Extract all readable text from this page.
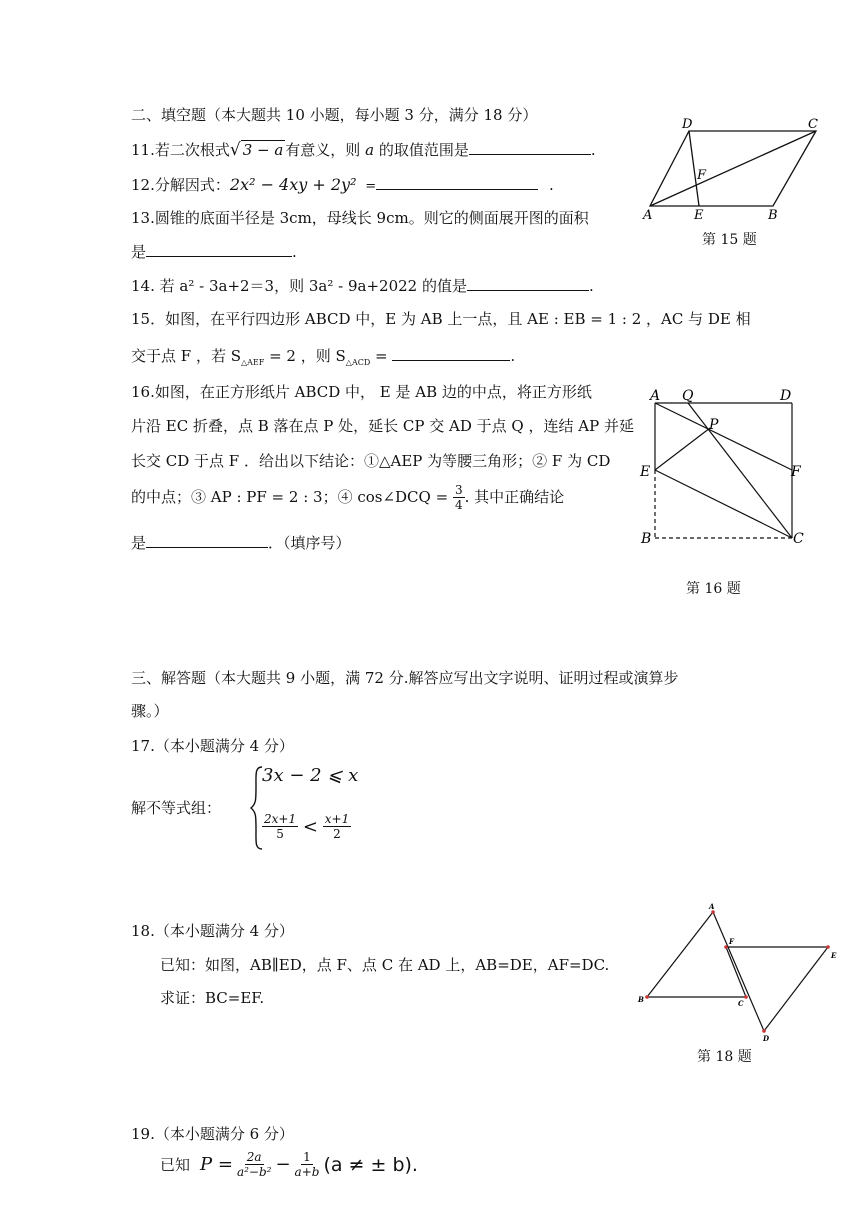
二、填空题（本大题共 10 小题，每小题 3 分，满分 18 分）
11.若二次根式√ 3 − a 有意义，则 a 的取值范围是	.
12.分解因式：2x² − 4xy + 2y² =	.
13.圆锥的底面半径是 3cm，母线长 9cm。则它的侧面展开图的面积
是	.
14. 若 a² - 3a+2＝3，则 3a² - 9a+2022 的值是	.
15．如图，在平行四边形 ABCD 中，E 为 AB 上一点，且 AE : EB = 1 : 2 ，AC 与 DE 相
交于点 F ，若 $S_{\triangle AEF} = 2$ ，则 $S_{\triangle ACD}$ =	.
16.如图，在正方形纸片 ABCD 中， E 是 AB 边的中点，将正方形纸
片沿 EC 折叠，点 B 落在点 P 处，延长 CP 交 AD 于点 Q ，连结 AP 并延
长交 CD 于点 F ．给出以下结论：①△AEP 为等腰三角形；② F 为 CD
的中点；③ AP : PF = 2 : 3；④ cos∠DCQ = $\frac{3}{4}$ . 其中正确结论
是	．（填序号）
A	E	B
C
D
F
第 15 题
A Q	D
P
E	F
B	C
第 16 题
三、解答题（本大题共 9 小题，满 72 分.解答应写出文字说明、证明过程或演算步
骤。）
17.（本小题满分 4 分）
解不等式组：
3x − 2 ⩽ x
$\frac{2x+1}{5} < \frac{x+1}{2}$
18.（本小题满分 4 分）
已知：如图，AB∥ED，点 F、点 C 在 AD 上，AB=DE，AF=DC.
求证：BC=EF.
A
B	C
D
E
F
第 18 题
19.（本小题满分 6 分）
已知 $P = \frac{2a}{\text{a²−b²}} - \frac{1}{a+b} (a$ ≠ ± b).
